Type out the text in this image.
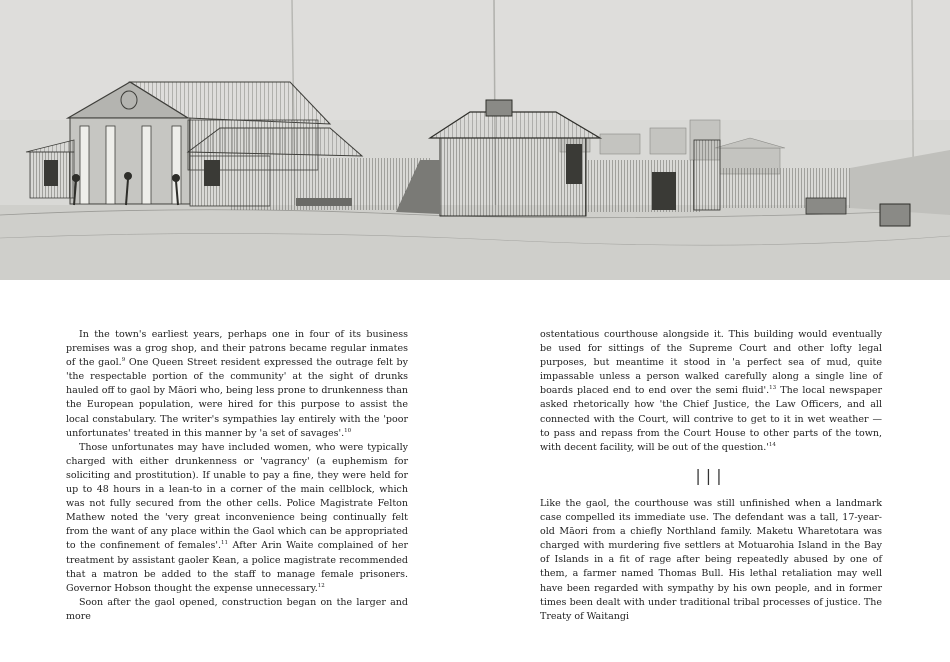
In the town's earliest years, perhaps one in four of its business premises was a grog shop, and their patrons became regular inmates of the gaol.$^9$ One Queen Street resident expressed the outrage felt by 'the respectable portion of the community' at the sight of drunks hauled off to gaol by Māori who, being less prone to drunkenness than the European population, were hired for this purpose to assist the local constabulary. The writer's sympathies lay entirely with the 'poor unfortunates' treated in this manner by 'a set of savages'.$^{10}$

Those unfortunates may have included women, who were typically charged with either drunkenness or 'vagrancy' (a euphemism for soliciting and prostitution). If unable to pay a fine, they were held for up to 48 hours in a lean-to in a corner of the main cellblock, which was not fully secured from the other cells. Police Magistrate Felton Mathew noted the 'very great inconvenience being continually felt from the want of any place within the Gaol which can be appropriated to the confinement of females'.$^{11}$ After Arin Waite complained of her treatment by assistant gaoler Kean, a police magistrate recommended that a matron be added to the staff to manage female prisoners. Governor Hobson thought the expense unnecessary.$^{12}$

Soon after the gaol opened, construction began on the larger and more

ostentatious courthouse alongside it. This building would eventually be used for sittings of the Supreme Court and other lofty legal purposes, but meantime it stood in 'a perfect sea of mud, quite impassable unless a person walked carefully along a single line of boards placed end to end over the semi fluid'.$^{13}$ The local newspaper asked rhetorically how 'the Chief Justice, the Law Officers, and all connected with the Court, will contrive to get to it in wet weather — to pass and repass from the Court House to other parts of the town, with decent facility, will be out of the $question.'^{14}$

|||

Like the gaol, the courthouse was still unfinished when a landmark case compelled its immediate use. The defendant was a tall, 17-year-old Māori from a chiefly Northland family. Maketu Wharetotara was charged with murdering five settlers at Motuarohia Island in the Bay of Islands in a fit of rage after being repeatedly abused by one of them, a farmer named Thomas Bull. His lethal retaliation may well have been regarded with sympathy by his own people, and in former times been dealt with under traditional tribal processes of justice. The Treaty of Waitangi
